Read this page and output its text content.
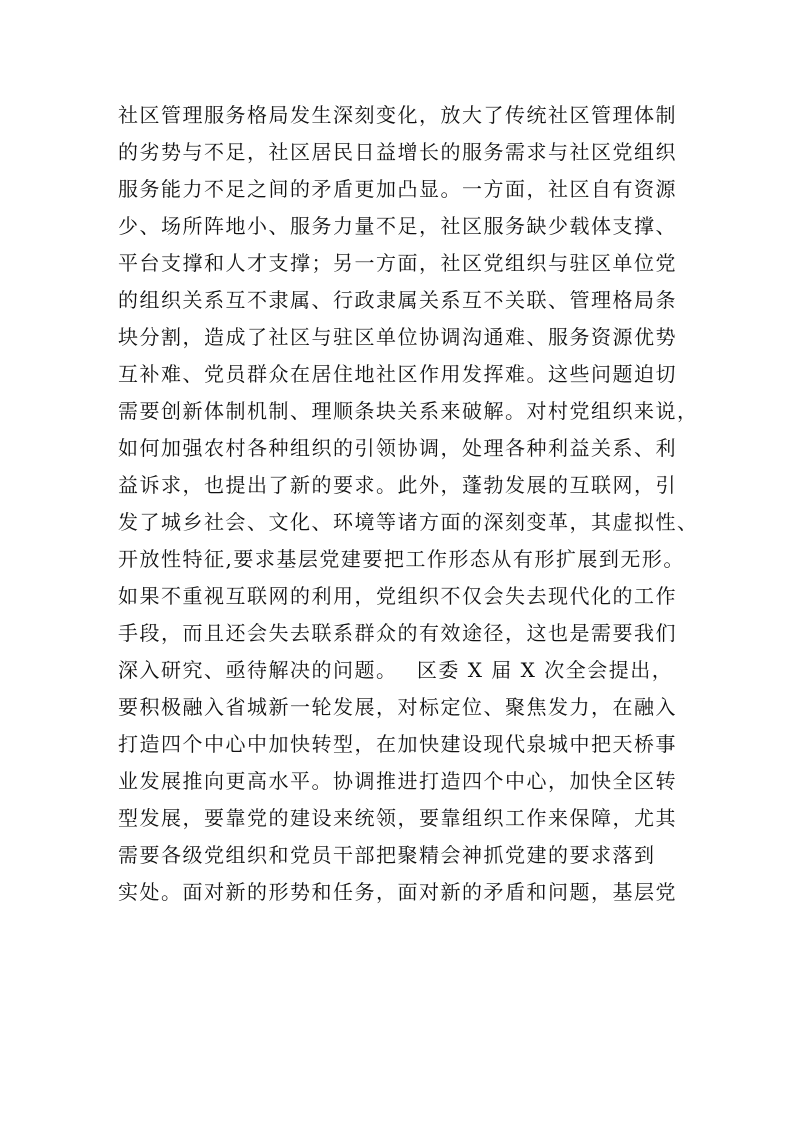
社区管理服务格局发生深刻变化，放大了传统社区管理体制
的劣势与不足，社区居民日益增长的服务需求与社区党组织
服务能力不足之间的矛盾更加凸显。一方面，社区自有资源
少、场所阵地小、服务力量不足，社区服务缺少载体支撑、
平台支撑和人才支撑；另一方面，社区党组织与驻区单位党
的组织关系互不隶属、行政隶属关系互不关联、管理格局条
块分割，造成了社区与驻区单位协调沟通难、服务资源优势
互补难、党员群众在居住地社区作用发挥难。这些问题迫切
需要创新体制机制、理顺条块关系来破解。对村党组织来说，
如何加强农村各种组织的引领协调，处理各种利益关系、利
益诉求，也提出了新的要求。此外，蓬勃发展的互联网，引
发了城乡社会、文化、环境等诸方面的深刻变革，其虚拟性、
开放性特征,要求基层党建要把工作形态从有形扩展到无形。
如果不重视互联网的利用，党组织不仅会失去现代化的工作
手段，而且还会失去联系群众的有效途径，这也是需要我们
深入研究、亟待解决的问题。　 区委 X 届 X 次全会提出，
要积极融入省城新一轮发展，对标定位、聚焦发力，在融入
打造四个中心中加快转型，在加快建设现代泉城中把天桥事
业发展推向更高水平。协调推进打造四个中心，加快全区转
型发展，要靠党的建设来统领，要靠组织工作来保障，尤其
需要各级党组织和党员干部把聚精会神抓党建的要求落到
实处。面对新的形势和任务，面对新的矛盾和问题，基层党
